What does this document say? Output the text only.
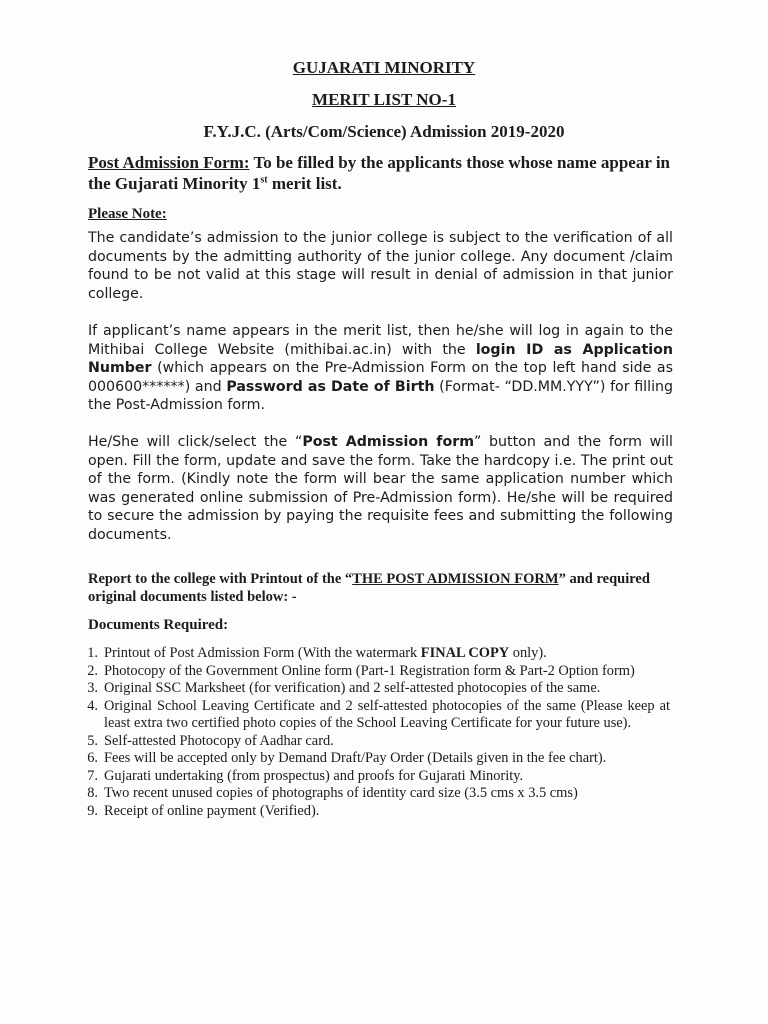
GUJARATI MINORITY
MERIT LIST NO-1
F.Y.J.C. (Arts/Com/Science) Admission 2019-2020
Post Admission Form: To be filled by the applicants those whose name appear in the Gujarati Minority 1st merit list.
Please Note:

The candidate’s admission to the junior college is subject to the verification of all documents by the admitting authority of the junior college. Any document /claim found to be not valid at this stage will result in denial of admission in that junior college.

If applicant’s name appears in the merit list, then he/she will log in again to the Mithibai College Website (mithibai.ac.in) with the login ID as Application Number (which appears on the Pre-Admission Form on the top left hand side as 000600******) and Password as Date of Birth (Format- “DD.MM.YYY”) for filling the Post-Admission form.

He/She will click/select the “Post Admission form” button and the form will open. Fill the form, update and save the form. Take the hardcopy i.e. The print out of the form. (Kindly note the form will bear the same application number which was generated online submission of Pre-Admission form). He/she will be required to secure the admission by paying the requisite fees and submitting the following documents.

Report to the college with Printout of the “THE POST ADMISSION FORM” and required original documents listed below: -
Documents Required:
1. Printout of Post Admission Form (With the watermark FINAL COPY only).
2. Photocopy of the Government Online form (Part-1 Registration form & Part-2 Option form)
3. Original SSC Marksheet (for verification) and 2 self-attested photocopies of the same.
4. Original School Leaving Certificate and 2 self-attested photocopies of the same (Please keep at least extra two certified photo copies of the School Leaving Certificate for your future use).
5. Self-attested Photocopy of Aadhar card.
6. Fees will be accepted only by Demand Draft/Pay Order (Details given in the fee chart).
7. Gujarati undertaking (from prospectus) and proofs for Gujarati Minority.
8. Two recent unused copies of photographs of identity card size (3.5 cms x 3.5 cms)
9. Receipt of online payment (Verified).
